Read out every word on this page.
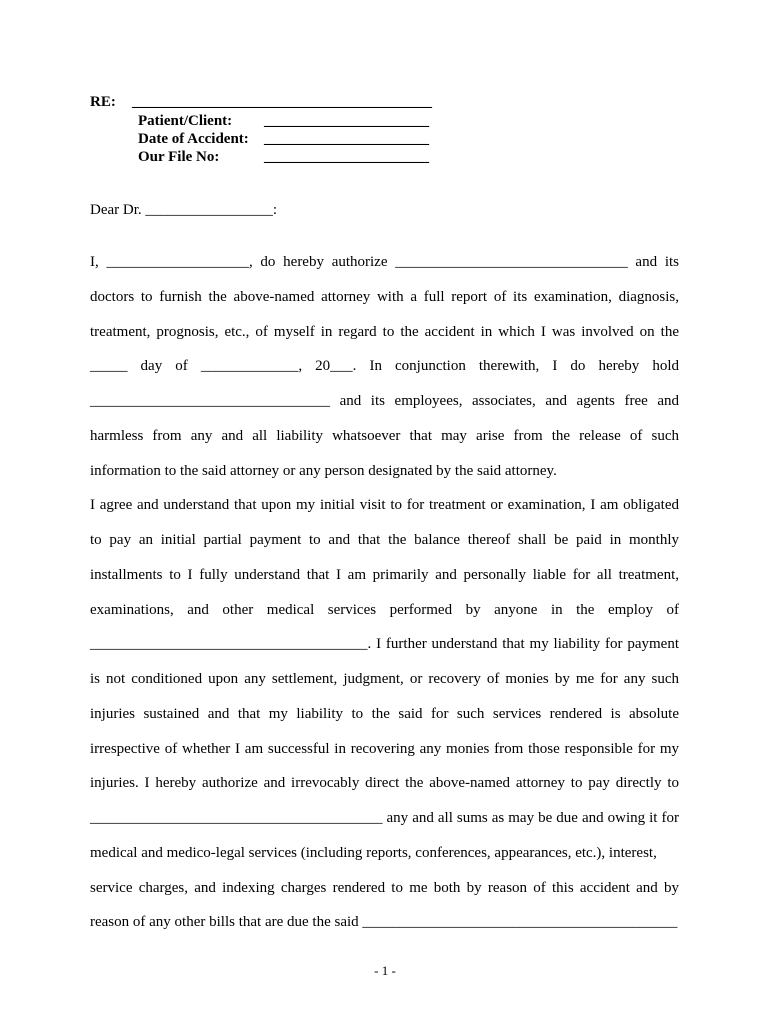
RE: ________________________________________
Patient/Client: ______________________
Date of Accident: ______________________
Our File No:	______________________
Dear Dr. _________________:
I, ___________________, do hereby authorize _______________________________ and its
doctors to furnish the above-named attorney with a full report of its examination, diagnosis,
treatment, prognosis, etc., of myself in regard to the accident in which I was involved on the
_____ day of _____________, 20___. In conjunction therewith, I do hereby hold
________________________________ and its employees, associates, and agents free and
harmless from any and all liability whatsoever that may arise from the release of such
information to the said attorney or any person designated by the said attorney.
I agree and understand that upon my initial visit to for treatment or examination, I am obligated
to pay an initial partial payment to and that the balance thereof shall be paid in monthly
installments to I fully understand that I am primarily and personally liable for all treatment,
examinations, and other medical services performed by anyone in the employ of
_____________________________________. I further understand that my liability for payment
is not conditioned upon any settlement, judgment, or recovery of monies by me for any such
injuries sustained and that my liability to the said for such services rendered is absolute
irrespective of whether I am successful in recovering any monies from those responsible for my
injuries. I hereby authorize and irrevocably direct the above-named attorney to pay directly to
_______________________________________ any and all sums as may be due and owing it for
medical and medico-legal services (including reports, conferences, appearances, etc.), interest,
service charges, and indexing charges rendered to me both by reason of this accident and by
reason of any other bills that are due the said __________________________________________
- 1 -
